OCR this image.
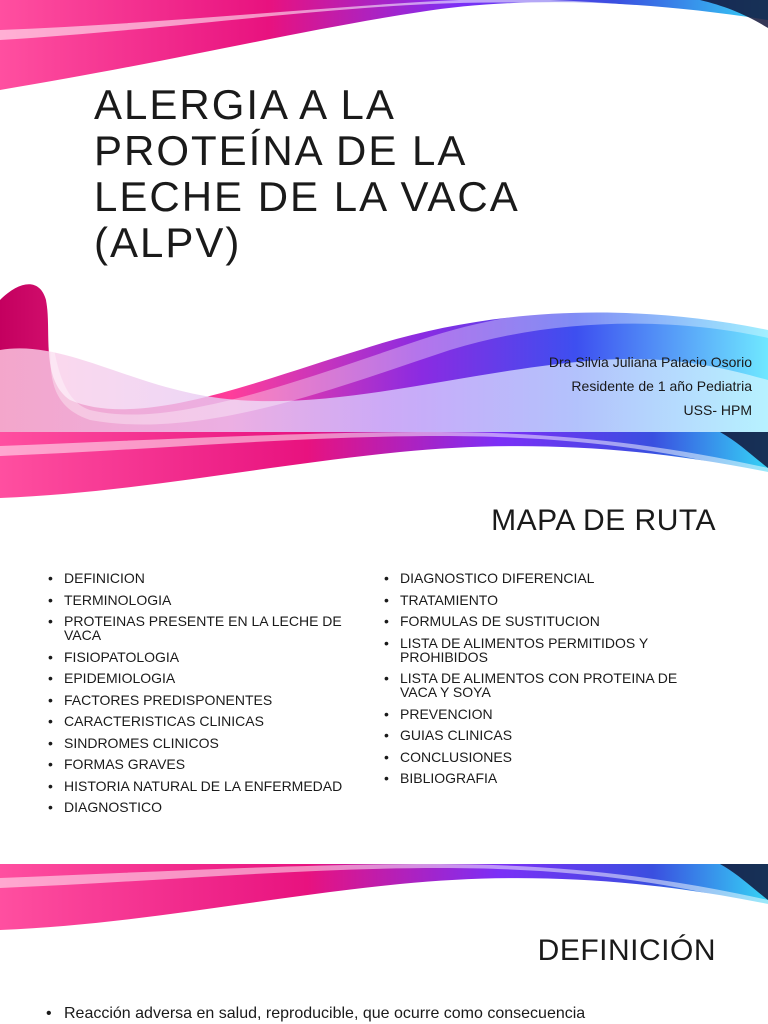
ALERGIA A LA PROTEÍNA DE LA LECHE DE LA VACA (ALPV)
Dra Silvia Juliana Palacio Osorio
Residente de 1 año Pediatria
USS- HPM
MAPA DE RUTA
• DEFINICION
• TERMINOLOGIA
• PROTEINAS PRESENTE EN LA LECHE DE VACA
• FISIOPATOLOGIA
• EPIDEMIOLOGIA
• FACTORES PREDISPONENTES
• CARACTERISTICAS CLINICAS
• SINDROMES CLINICOS
• FORMAS GRAVES
• HISTORIA NATURAL DE LA ENFERMEDAD
• DIAGNOSTICO
• DIAGNOSTICO DIFERENCIAL
• TRATAMIENTO
• FORMULAS DE SUSTITUCION
• LISTA DE ALIMENTOS PERMITIDOS Y PROHIBIDOS
• LISTA DE ALIMENTOS CON PROTEINA DE VACA Y SOYA
• PREVENCION
• GUIAS CLINICAS
• CONCLUSIONES
• BIBLIOGRAFIA
DEFINICIÓN
• Reacción adversa en salud, reproducible, que ocurre como consecuencia
